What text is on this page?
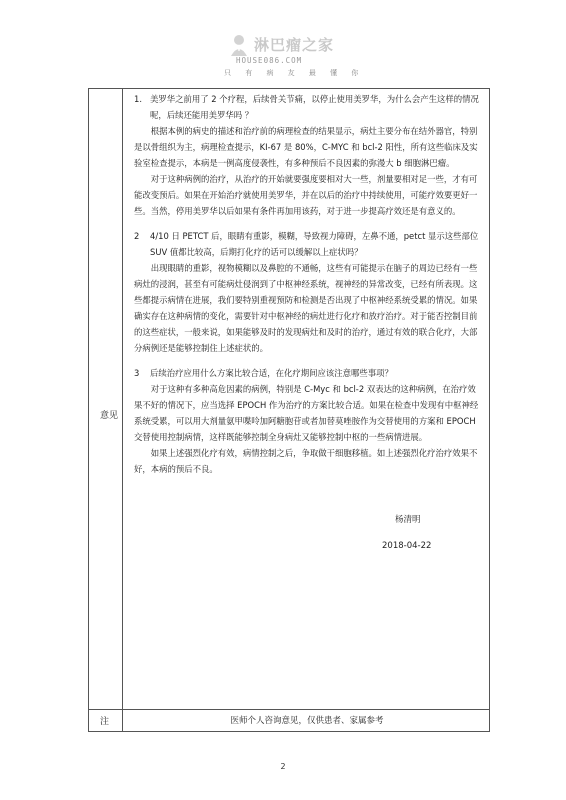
淋巴瘤之家
HOUSE086.COM
只 有 病 友 最 懂 你
意见
注
1. 美罗华之前用了 2 个疗程，后续骨关节痛，以停止使用美罗华，为什么会产生这样的情况呢，后续还能用美罗华吗 ？

根据本例的病史的描述和治疗前的病理检查的结果显示，病灶主要分布在结外器官，特别是以骨组织为主，病理检查提示，KI-67 是 80%，C-MYC 和 bcl-2 阳性，所有这些临床及实验室检查提示，本病是一例高度侵袭性，有多种预后不良因素的弥漫大 b 细胞淋巴瘤。

对于这种病例的治疗，从治疗的开始就要强度要相对大一些，剂量要相对足一些，才有可能改变预后。如果在开始治疗就使用美罗华，并在以后的治疗中持续使用，可能疗效要更好一些。当然，停用美罗华以后如果有条件再加用该药，对于进一步提高疗效还是有意义的。

2 4/10 日 PETCT 后，眼睛有重影，模糊，导致视力障碍，左鼻不通，petct 显示这些部位 SUV 值都比较高，后期打化疗的话可以缓解以上症状吗？

出现眼睛的重影，视物模糊以及鼻腔的不通畅，这些有可能提示在脑子的周边已经有一些病灶的浸润，甚至有可能病灶侵润到了中枢神经系统，视神经的异常改变，已经有所表现。这些都提示病情在进展，我们要特别重视预防和检测是否出现了中枢神经系统受累的情况。如果确实存在这种病情的变化，需要针对中枢神经的病灶进行化疗和放疗治疗。对于能否控制目前的这些症状，一般来说，如果能够及时的发现病灶和及时的治疗，通过有效的联合化疗，大部分病例还是能够控制住上述症状的。

3 后续治疗应用什么方案比较合适，在化疗期间应该注意哪些事项？

对于这种有多种高危因素的病例，特别是 C-Myc 和 bcl-2 双表达的这种病例，在治疗效果不好的情况下，应当选择 EPOCH 作为治疗的方案比较合适。如果在检查中发现有中枢神经系统受累，可以用大剂量氨甲喋呤加阿糖胞苷或者加替莫唑胺作为交替使用的方案和 EPOCH 交替使用控制病情，这样既能够控制全身病灶又能够控制中枢的一些病情进展。

如果上述强烈化疗有效，病情控制之后，争取做干细胞移植。如上述强烈化疗治疗效果不好，本病的预后不良。

杨清明
2018-04-22
医师个人咨询意见，仅供患者、家属参考
2
